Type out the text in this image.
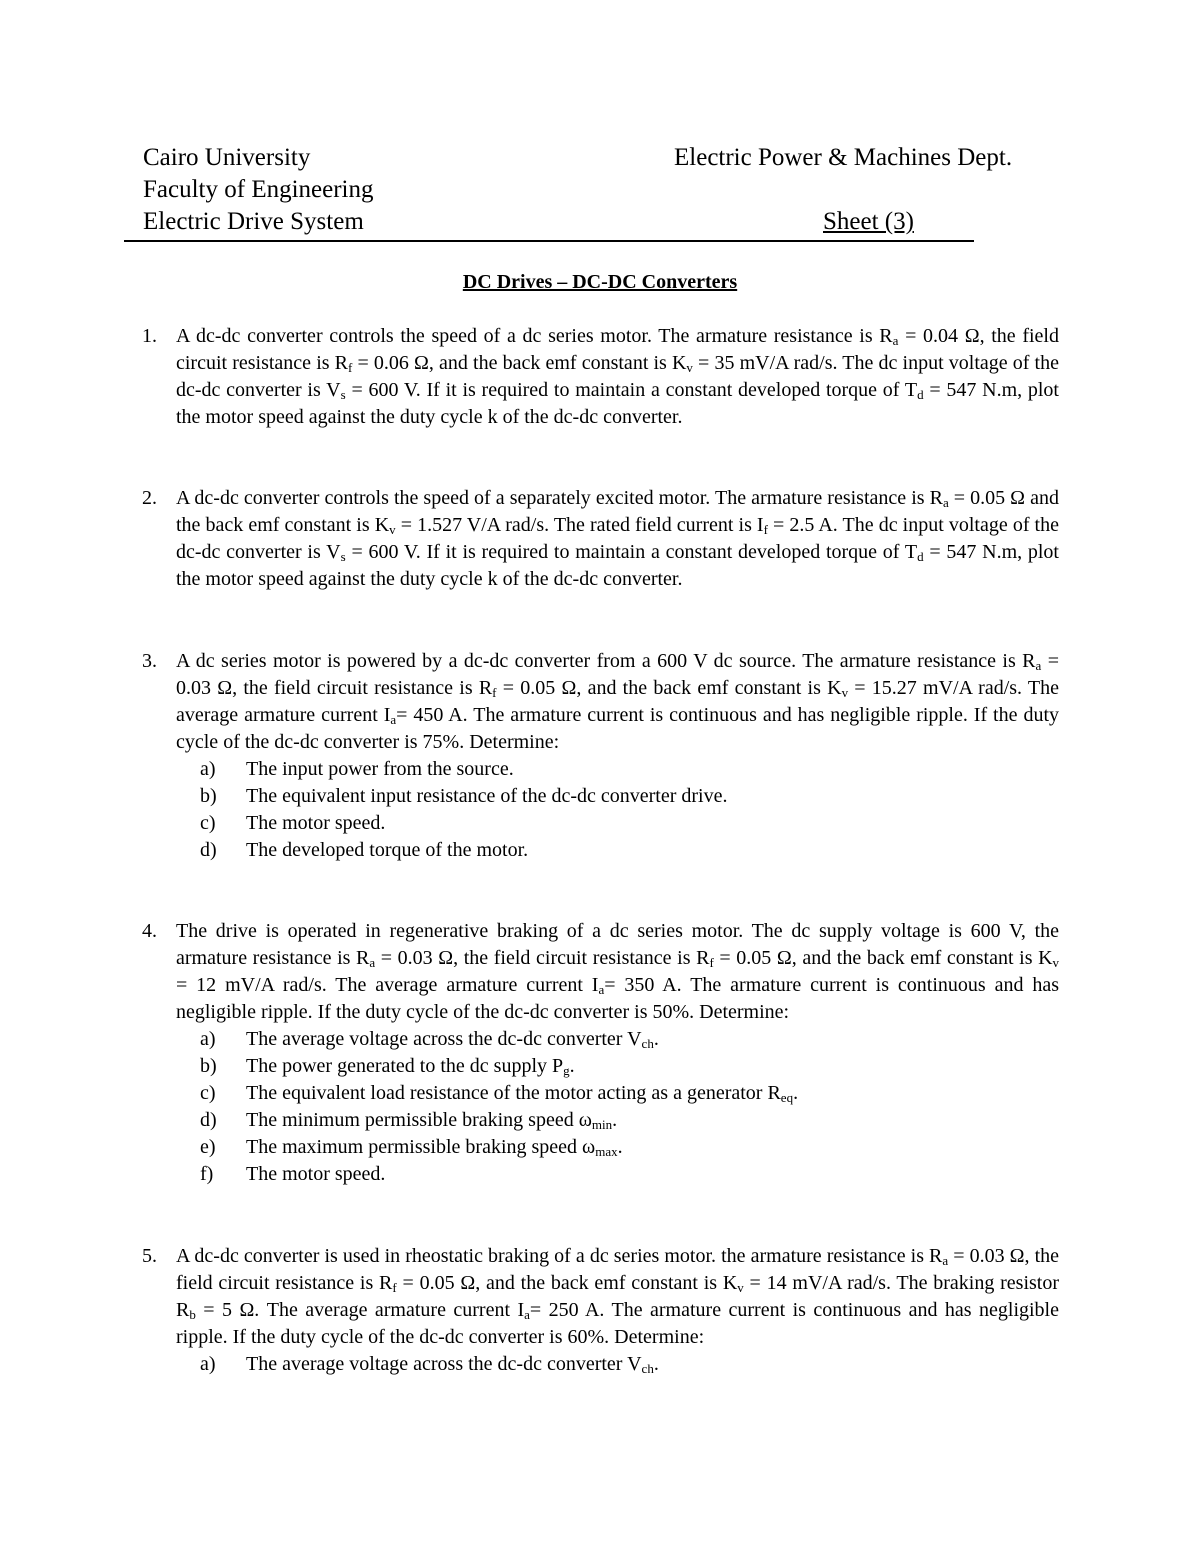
Cairo University
Faculty of Engineering
Electric Drive System
Electric Power & Machines Dept.
Sheet (3)
DC Drives – DC-DC Converters
1. A dc-dc converter controls the speed of a dc series motor. The armature resistance is $R_a = 0.04$ Ω, the field circuit resistance is $R_f = 0.06$ Ω, and the back emf constant is $K_v = 35$ mV/A rad/s. The dc input voltage of the dc-dc converter is $V_s = 600$ V. If it is required to maintain a constant developed torque of $T_d = 547$ N.m, plot the motor speed against the duty cycle k of the dc-dc converter.

2. A dc-dc converter controls the speed of a separately excited motor. The armature resistance is $R_a = 0.05$ Ω and the back emf constant is $K_v = 1.527$ V/A rad/s. The rated field current is $I_f = 2.5$ A. The dc input voltage of the dc-dc converter is $V_s = 600$ V. If it is required to maintain a constant developed torque of $T_d = 547$ N.m, plot the motor speed against the duty cycle k of the dc-dc converter.

3. A dc series motor is powered by a dc-dc converter from a 600 V dc source. The armature resistance is $R_a = 0.03$ Ω, the field circuit resistance is $R_f = 0.05$ Ω, and the back emf constant is $K_v = 15.27$ mV/A rad/s. The average armature current $I_a= 450$ A. The armature current is continuous and has negligible ripple. If the duty cycle of the dc-dc converter is 75%. Determine:

a) The input power from the source.
b) The equivalent input resistance of the dc-dc converter drive.
c) The motor speed.
d) The developed torque of the motor.
4. The drive is operated in regenerative braking of a dc series motor. The dc supply voltage is 600 V, the armature resistance is $R_a = 0.03$ Ω, the field circuit resistance is $R_f = 0.05$ Ω, and the back emf constant is $K_v = 12$ mV/A rad/s. The average armature current $I_a= 350$ A. The armature current is continuous and has negligible ripple. If the duty cycle of the dc-dc converter is 50%. Determine:

a) The average voltage across the dc-dc converter $V_{ch}$.
b) The power generated to the dc supply $P_g$.
c) The equivalent load resistance of the motor acting as a generator $R_{eq}$.
d) The minimum permissible braking speed $\omega_{min}$.
e) The maximum permissible braking speed $\omega_{max}$.
f) The motor speed.
5. A dc-dc converter is used in rheostatic braking of a dc series motor. the armature resistance is $R_a = 0.03$ Ω, the field circuit resistance is $R_f = 0.05$ Ω, and the back emf constant is $K_v = 14$ mV/A rad/s. The braking resistor $R_b = 5$ Ω. The average armature current $I_a= 250$ A. The armature current is continuous and has negligible ripple. If the duty cycle of the dc-dc converter is 60%. Determine:

a) The average voltage across the dc-dc converter $V_{ch}$.
